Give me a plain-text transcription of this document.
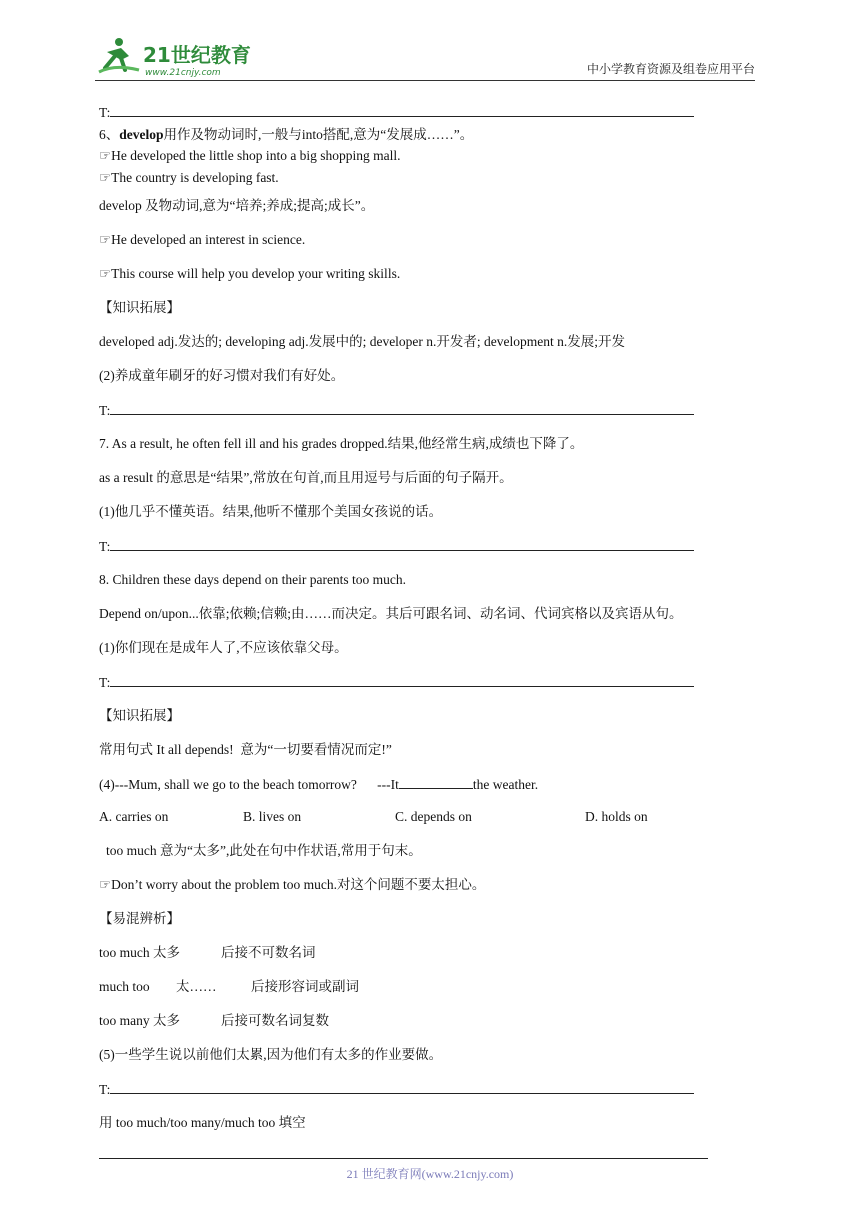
21世纪教育
www.21cnjy.com	中小学教育资源及组卷应用平台
T:
6、develop用作及物动词时,一般与into搭配,意为“发展成……”。
☞He developed the little shop into a big shopping mall.
☞The country is developing fast.
develop 及物动词,意为“培养;养成;提高;成长”。
☞He developed an interest in science.
☞This course will help you develop your writing skills.
【知识拓展】
developed adj.发达的; developing adj.发展中的; developer n.开发者; development n.发展;开发
(2)养成童年刷牙的好习惯对我们有好处。
T:
7. As a result, he often fell ill and his grades dropped.结果,他经常生病,成绩也下降了。
as a result 的意思是“结果”,常放在句首,而且用逗号与后面的句子隔开。
(1)他几乎不懂英语。结果,他听不懂那个美国女孩说的话。
T:
8. Children these days depend on their parents too much.
Depend on/upon...依靠;依赖;信赖;由……而决定。其后可跟名词、动名词、代词宾格以及宾语从句。
(1)你们现在是成年人了,不应该依靠父母。
T:
【知识拓展】
常用句式 It all depends!  意为“一切要看情况而定!”
(4)---Mum, shall we go to the beach tomorrow?      ---It	the weather.
A. carries on	B. lives on	C. depends on	D. holds on
too much 意为“太多”,此处在句中作状语,常用于句末。
☞Don’t worry about the problem too much.对这个问题不要太担心。
【易混辨析】
too much 太多	后接不可数名词
much too 太……	后接形容词或副词
too many 太多	后接可数名词复数
(5)一些学生说以前他们太累,因为他们有太多的作业要做。
T:
用 too much/too many/much too 填空
21 世纪教育网(www.21cnjy.com)
